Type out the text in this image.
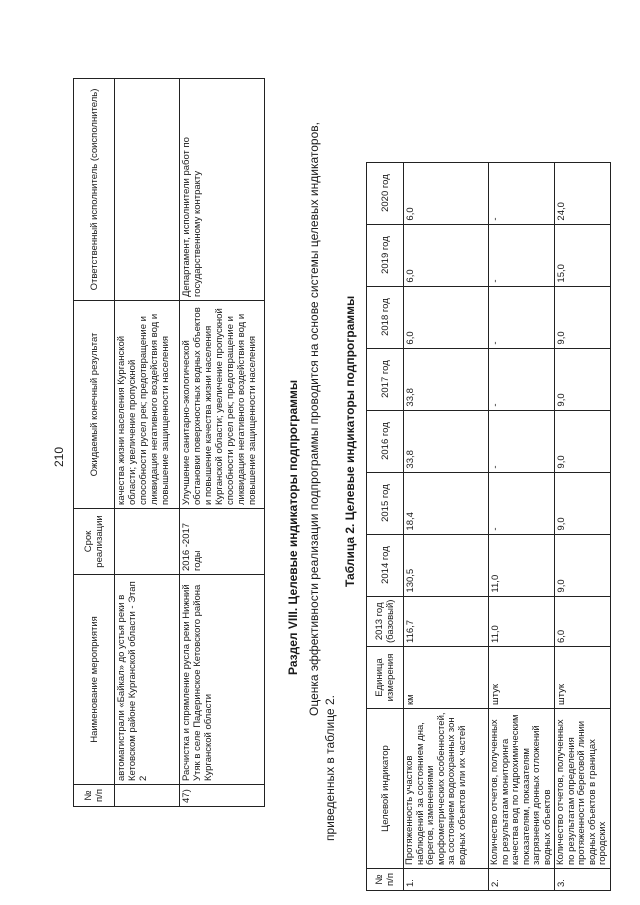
210
№ п/п	Наименование мероприятия	Срок реализации	Ожидаемый конечный результат	Ответственный исполнитель (соисполнитель)
	автомагистрали «Байкал» до устья реки в Кетовском районе Курганской области - Этап 2		качества жизни населения Курганской области; увеличение пропускной способности русел рек; предотвращение и ликвидация негативного воздействия вод и повышение защищенности населения	
47)	Расчистка и спрямление русла реки Нижний Утяк в селе Падеринское Кетовского района Курганской области	2016 -2017 годы	Улучшение санитарно-экологической обстановки поверхностных водных объектов и повышение качества жизни населения Курганской области; увеличение пропускной способности русел рек; предотвращение и ликвидация негативного воздействия вод и повышение защищенности населения	Департамент, исполнители работ по государственному контракту
Раздел VIII. Целевые индикаторы подпрограммы Оценка эффективности реализации подпрограммы проводится на основе системы целевых индикаторов, приведенных в таблице 2.
Таблица 2. Целевые индикаторы подпрограммы
№ п/п	Целевой индикатор	Единица измерения	2013 год (базовый)	2014 год	2015 год	2016 год	2017 год	2018 год	2019 год	2020 год
1.	Протяженность участков наблюдений за состоянием дна, берегов, изменениями морфометрических особенностей, за состоянием водоохранных зон водных объектов или их частей	км	116,7	130,5	18,4	33,8	33,8	6,0	6,0	6,0
2.	Количество отчетов, полученных по результатам мониторинга качества вод по гидрохимическим показателям, показателям загрязнения донных отложений водных объектов	штук	11,0	11,0	-	-	-	-	-	-
3.	Количество отчетов, полученных по результатам определения протяженности береговой линии водных объектов в границах городских	штук	6,0	9,0	9,0	9,0	9,0	9,0	15,0	24,0
